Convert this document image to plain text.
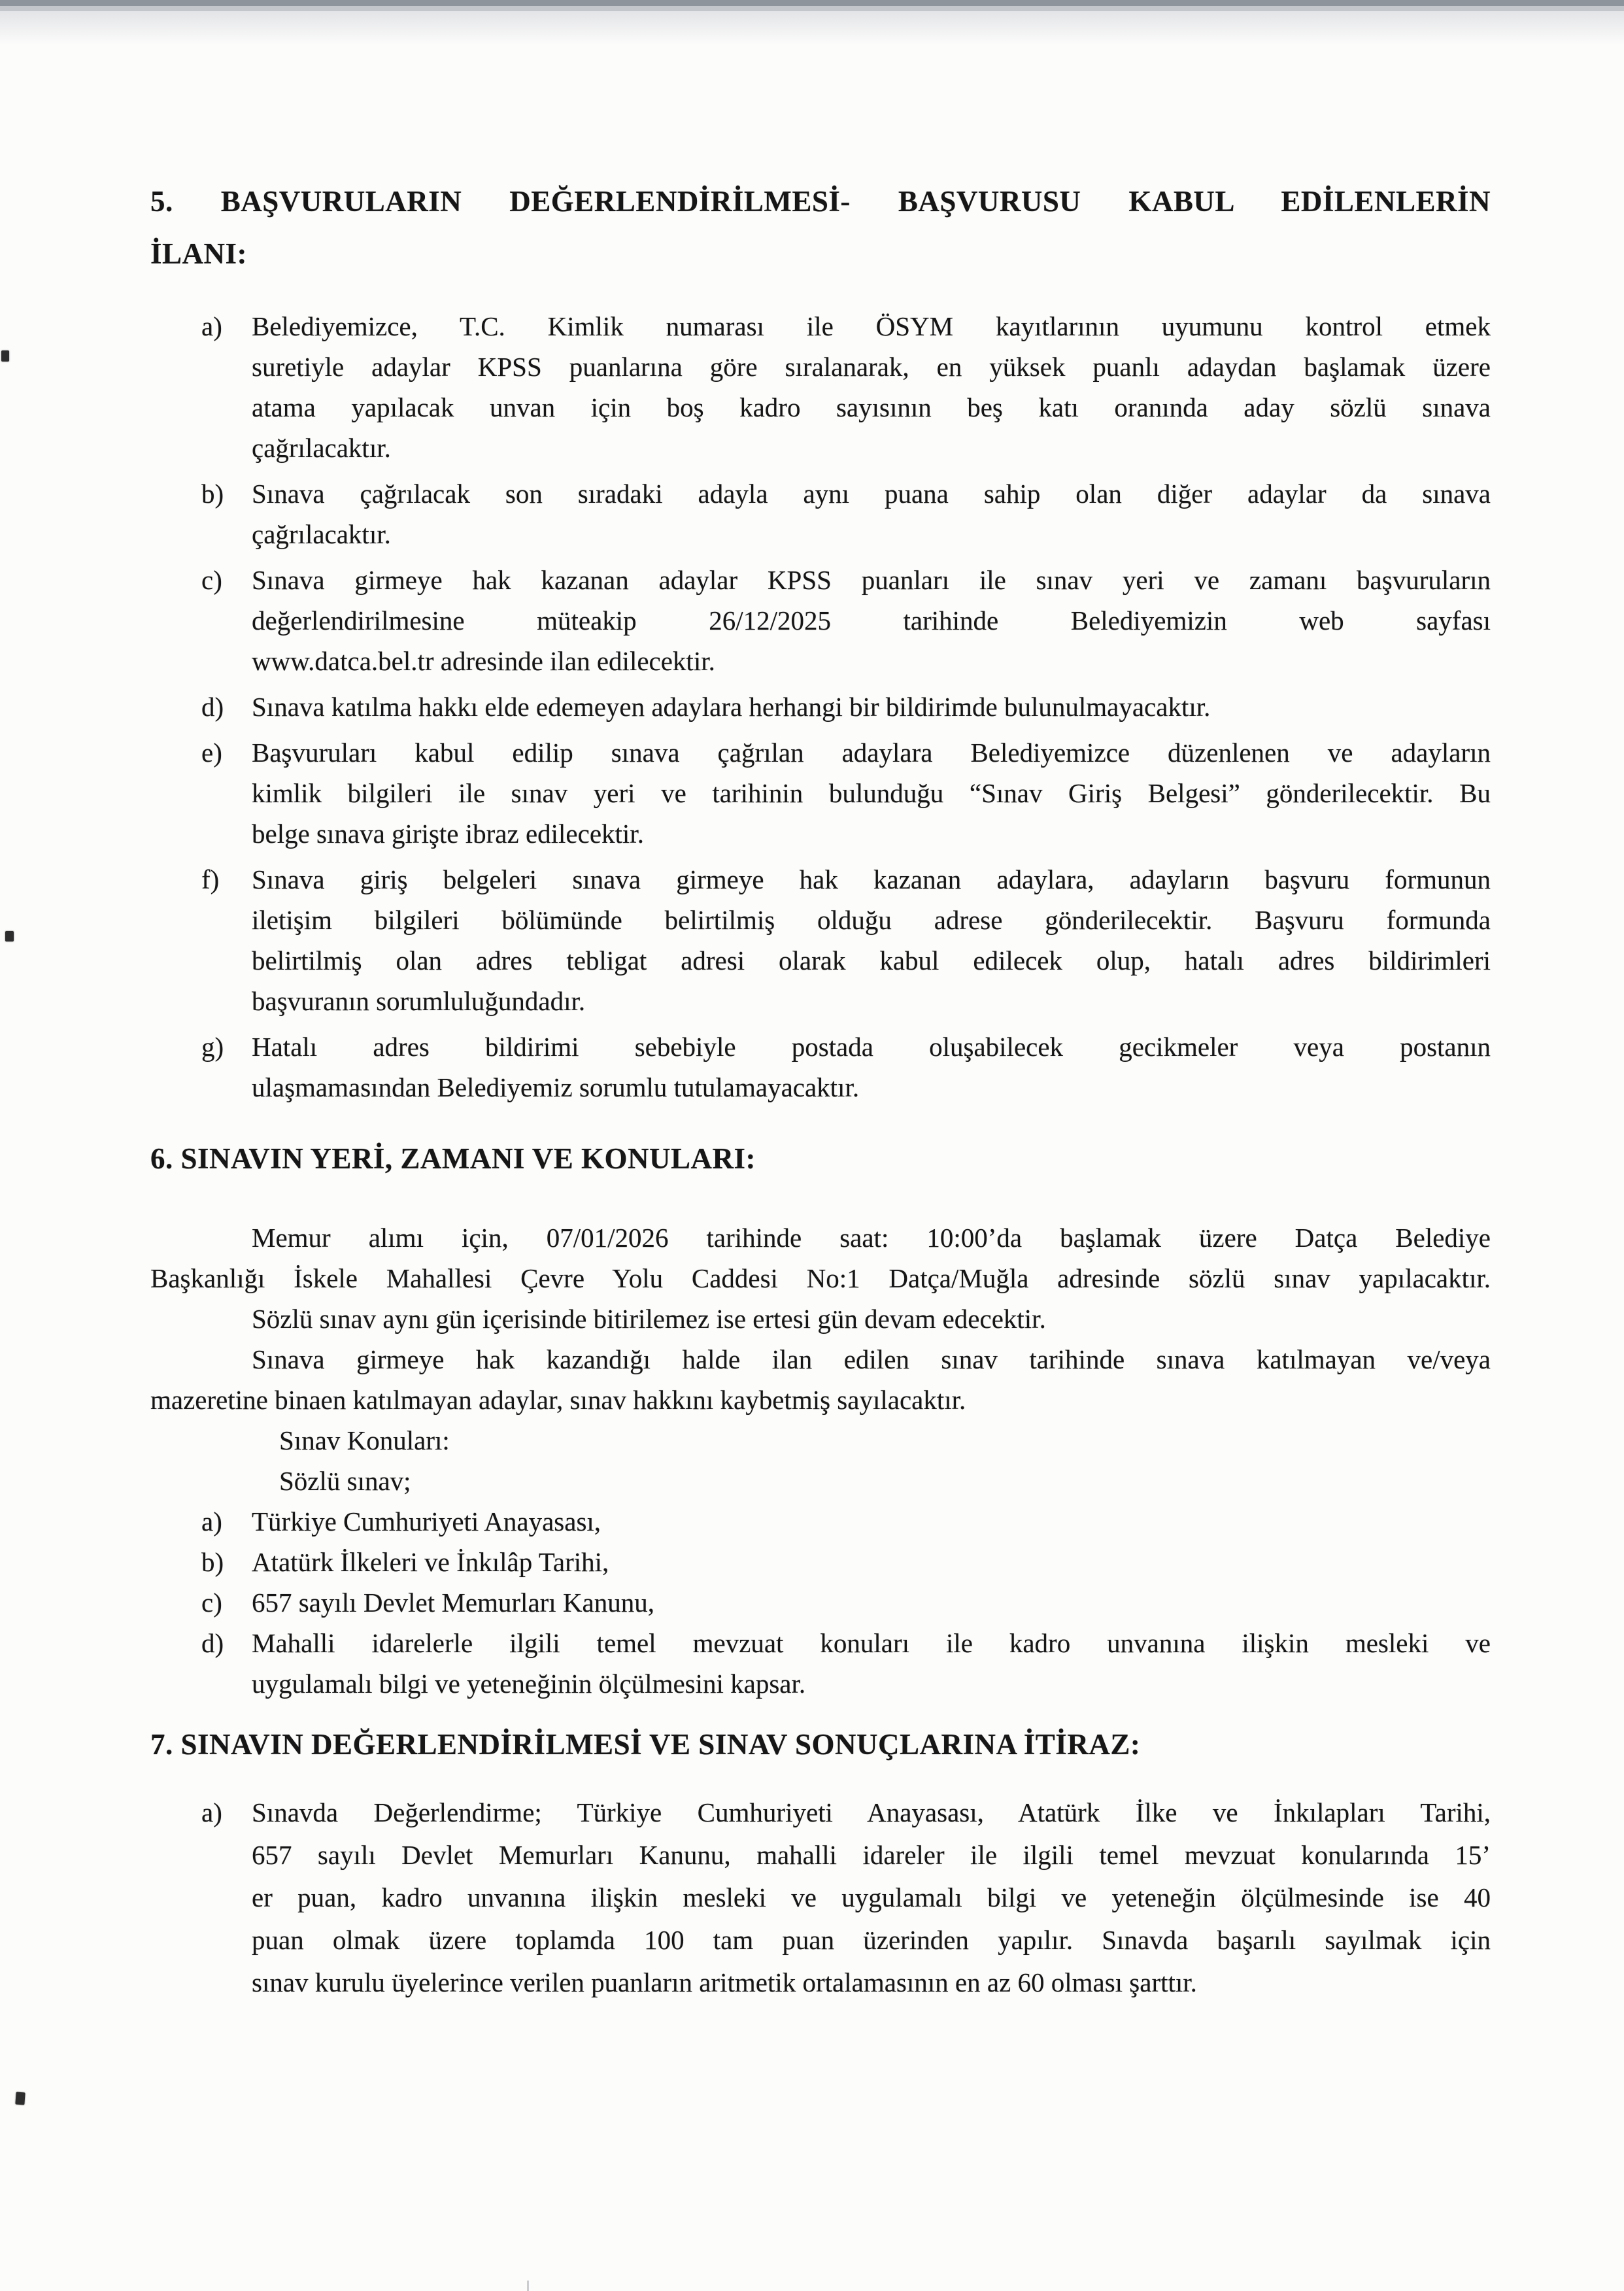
5. BAŞVURULARIN DEĞERLENDİRİLMESİ- BAŞVURUSU KABUL EDİLENLERİN
İLANI:
a)	Belediyemizce, T.C. Kimlik numarası ile ÖSYM kayıtlarının uyumunu kontrol etmek
suretiyle adaylar KPSS puanlarına göre sıralanarak, en yüksek puanlı adaydan başlamak üzere
atama yapılacak unvan için boş kadro sayısının beş katı oranında aday sözlü sınava
çağrılacaktır.
b)	Sınava çağrılacak son sıradaki adayla aynı puana sahip olan diğer adaylar da sınava
çağrılacaktır.
c)	Sınava girmeye hak kazanan adaylar KPSS puanları ile sınav yeri ve zamanı başvuruların
değerlendirilmesine müteakip 26/12/2025 tarihinde Belediyemizin web sayfası
www.datca.bel.tr adresinde ilan edilecektir.
d)	Sınava katılma hakkı elde edemeyen adaylara herhangi bir bildirimde bulunulmayacaktır.
e)	Başvuruları kabul edilip sınava çağrılan adaylara Belediyemizce düzenlenen ve adayların
kimlik bilgileri ile sınav yeri ve tarihinin bulunduğu “Sınav Giriş Belgesi” gönderilecektir. Bu
belge sınava girişte ibraz edilecektir.
f)	Sınava giriş belgeleri sınava girmeye hak kazanan adaylara, adayların başvuru formunun
iletişim bilgileri bölümünde belirtilmiş olduğu adrese gönderilecektir. Başvuru formunda
belirtilmiş olan adres tebligat adresi olarak kabul edilecek olup, hatalı adres bildirimleri
başvuranın sorumluluğundadır.
g)	Hatalı adres bildirimi sebebiyle postada oluşabilecek gecikmeler veya postanın
ulaşmamasından Belediyemiz sorumlu tutulamayacaktır.
6. SINAVIN YERİ, ZAMANI VE KONULARI:
Memur alımı için, 07/01/2026 tarihinde saat: 10:00’da başlamak üzere Datça Belediye
Başkanlığı İskele Mahallesi Çevre Yolu Caddesi No:1 Datça/Muğla adresinde sözlü sınav yapılacaktır.
Sözlü sınav aynı gün içerisinde bitirilemez ise ertesi gün devam edecektir.
Sınava girmeye hak kazandığı halde ilan edilen sınav tarihinde sınava katılmayan ve/veya
mazeretine binaen katılmayan adaylar, sınav hakkını kaybetmiş sayılacaktır.
Sınav Konuları:
Sözlü sınav;
a)	Türkiye Cumhuriyeti Anayasası,
b)	Atatürk İlkeleri ve İnkılâp Tarihi,
c)	657 sayılı Devlet Memurları Kanunu,
d)	Mahalli idarelerle ilgili temel mevzuat konuları ile kadro unvanına ilişkin mesleki ve
uygulamalı bilgi ve yeteneğinin ölçülmesini kapsar.
7. SINAVIN DEĞERLENDİRİLMESİ VE SINAV SONUÇLARINA İTİRAZ:
a)	Sınavda Değerlendirme; Türkiye Cumhuriyeti Anayasası, Atatürk İlke ve İnkılapları Tarihi,
657 sayılı Devlet Memurları Kanunu, mahalli idareler ile ilgili temel mevzuat konularında 15’
er puan, kadro unvanına ilişkin mesleki ve uygulamalı bilgi ve yeteneğin ölçülmesinde ise 40
puan olmak üzere toplamda 100 tam puan üzerinden yapılır. Sınavda başarılı sayılmak için
sınav kurulu üyelerince verilen puanların aritmetik ortalamasının en az 60 olması şarttır.
